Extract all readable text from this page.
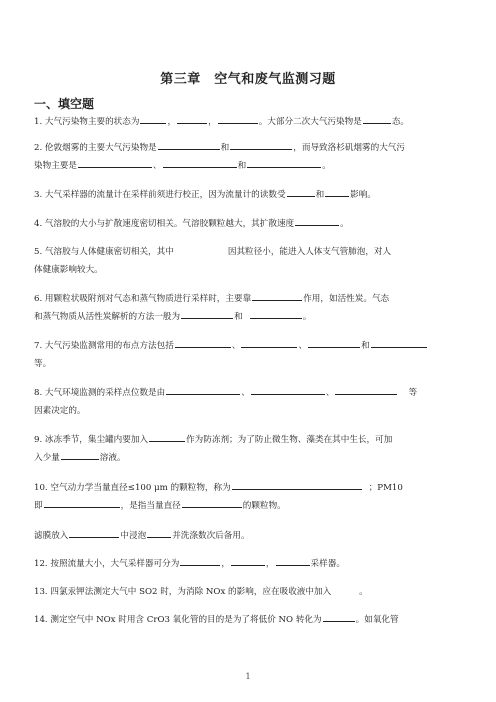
第三章　空气和废气监测习题
一、填空题
1. 大气污染物主要的状态为	，	，	。大部分二次大气污染物是	态。
2. 伦敦烟雾的主要大气污染物是	和	，而导致洛杉矶烟雾的大气污
染物主要是	、	和	。
3. 大气采样器的流量计在采样前须进行校正，因为流量计的读数受	和	影响。
4. 气溶胶的大小与扩散速度密切相关。气溶胶颗粒越大，其扩散速度	。
5. 气溶胶与人体健康密切相关，其中	因其粒径小，能进入人体支气管肺泡，对人
体健康影响较大。
6. 用颗粒状吸附剂对气态和蒸气物质进行采样时，主要靠	作用，如活性炭。气态
和蒸气物质从活性炭解析的方法一般为	和	。
7. 大气污染监测常用的布点方法包括	、	、	和
等。
8. 大气环境监测的采样点位数是由	、	、	等
因素决定的。
9. 冰冻季节，集尘罐内要加入	作为防冻剂；为了防止微生物、藻类在其中生长，可加
入少量	溶液。
10. 空气动力学当量直径≤100 μm 的颗粒物，称为	；PM10
即	，是指当量直径	的颗粒物。
滤膜放入	中浸泡	并洗涤数次后备用。
12. 按照流量大小，大气采样器可分为	，	，	采样器。
13. 四氯汞钾法测定大气中 SO2 时，为消除 NOx 的影响，应在吸收液中加入	。
14. 测定空气中 NOx 时用含 CrO3 氧化管的目的是为了将低价 NO 转化为	。如氧化管
1
